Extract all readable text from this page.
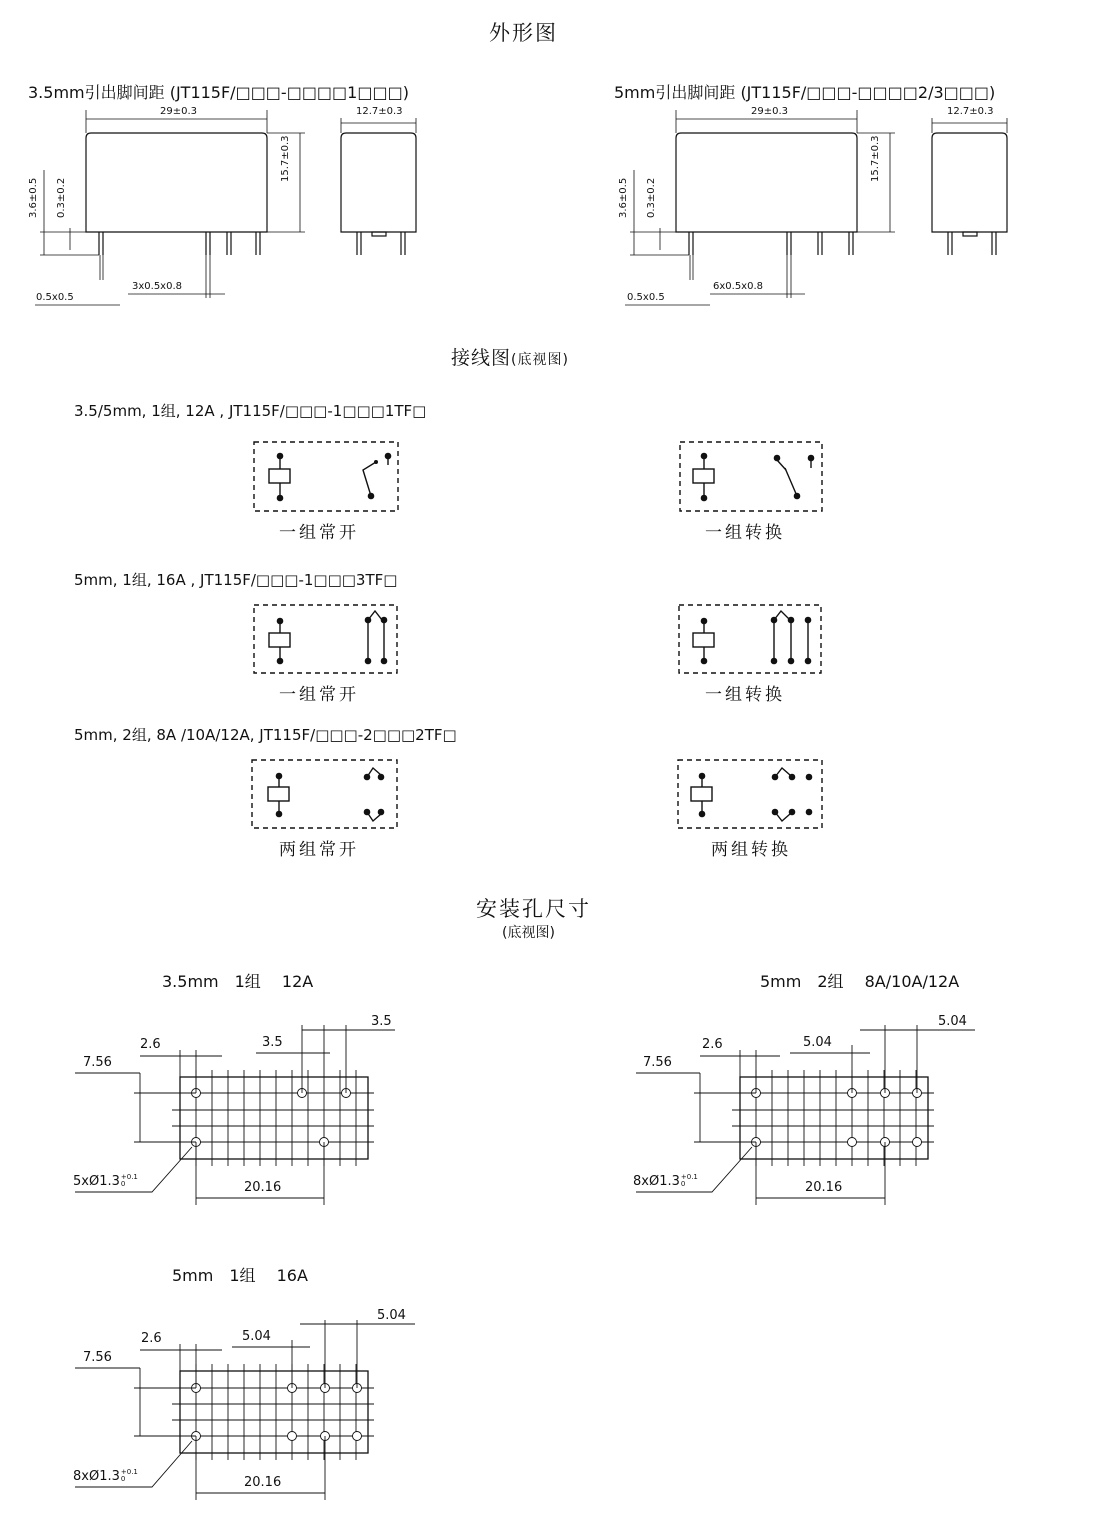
外形图
接线图(底视图)
安装孔尺寸
(底视图)
3.5mm引出脚间距 (JT115F/□□□-□□□□1□□□)	5mm引出脚间距 (JT115F/□□□-□□□□2/3□□□)
29±0.3	12.7±0.3
15.7±0.3
3.6±0.5 0.3±0.2
0.5x0.5
3x0.5x0.8
29±0.3	12.7±0.3
15.7±0.3
3.6±0.5 0.3±0.2
0.5x0.5
6x0.5x0.8
3.5/5mm, 1组, 12A , JT115F/□□□-1□□□1TF□
一组常开	一组转换
5mm, 1组, 16A , JT115F/□□□-1□□□3TF□
一组常开	一组转换
5mm, 2组, 8A /10A/12A, JT115F/□□□-2□□□2TF□
两组常开	两组转换
3.5mm　1组　 12A
2.6	3.5
3.5
7.56
20.16
5xØ1.3+0.1
0
5mm　2组　 8A/10A/12A
2.6	5.04
5.04
7.56
20.16
8xØ1.3+0.1
0
5mm　1组　 16A
2.6	5.04
5.04
7.56
20.16
8xØ1.3+0.1
0
